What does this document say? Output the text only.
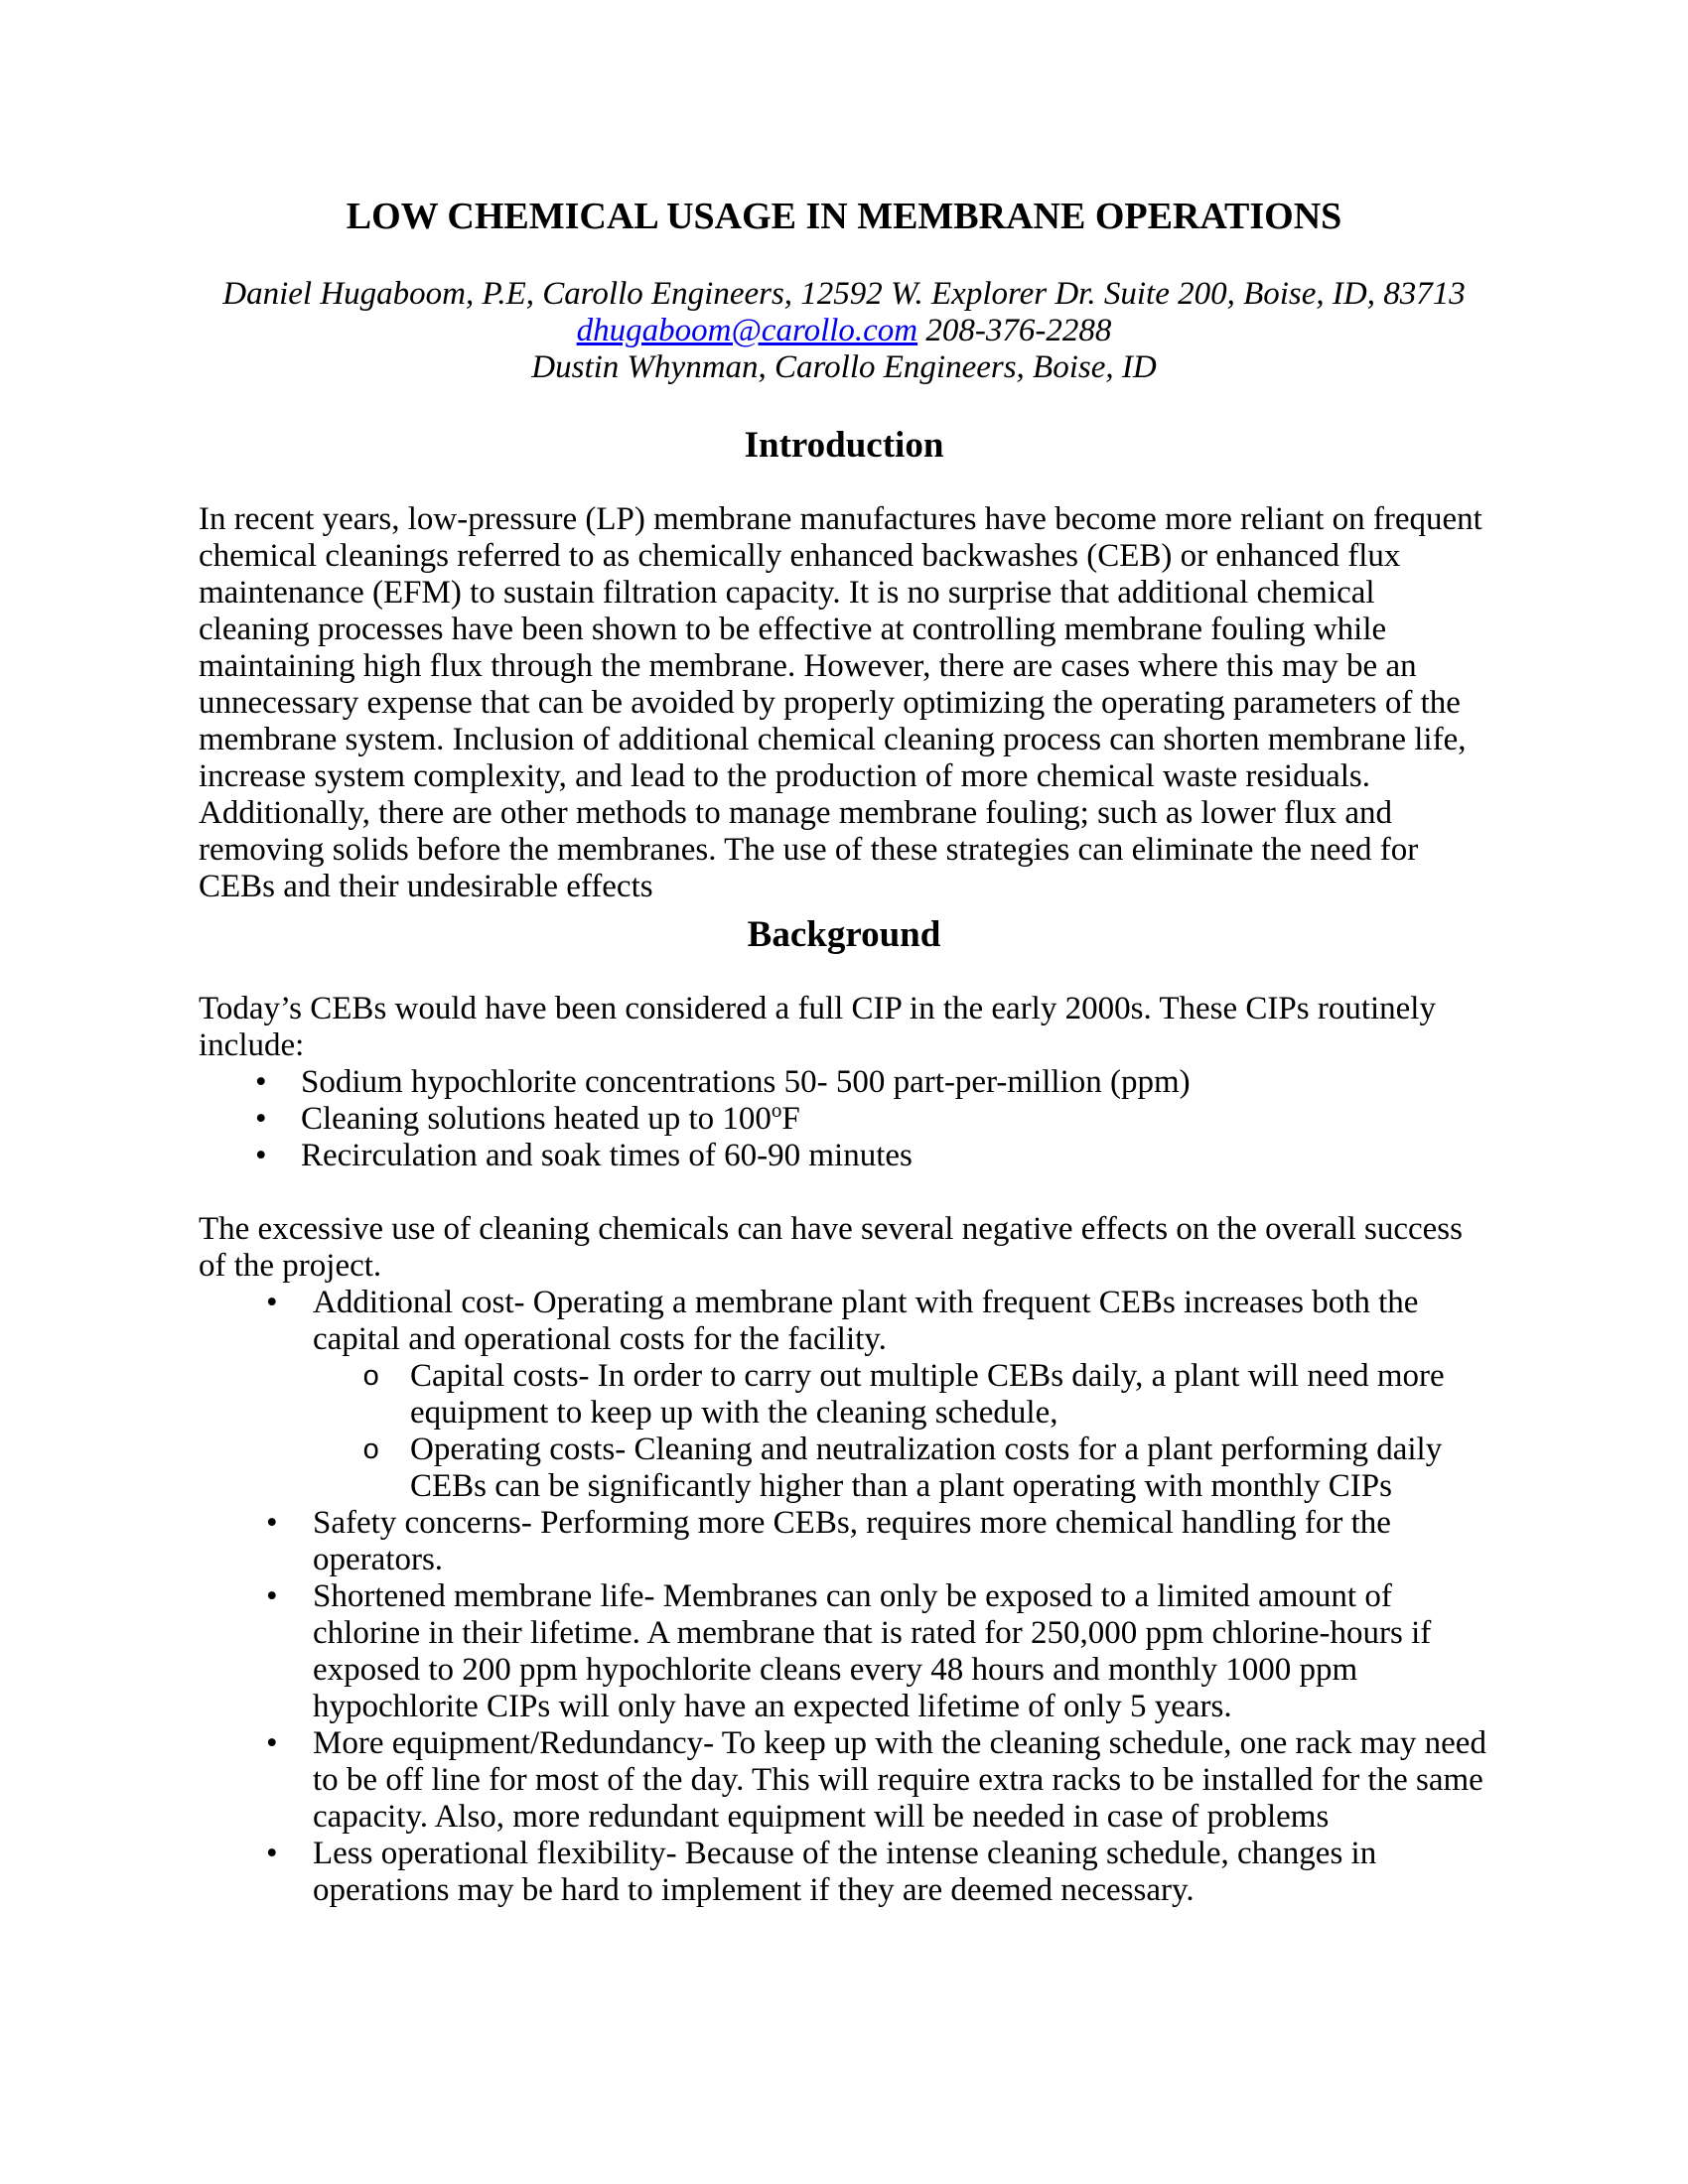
LOW CHEMICAL USAGE IN MEMBRANE OPERATIONS

Daniel Hugaboom, P.E, Carollo Engineers, 12592 W. Explorer Dr. Suite 200, Boise, ID, 83713

dhugaboom@carollo.com 208-376-2288

Dustin Whynman, Carollo Engineers, Boise, ID

Introduction

In recent years, low-pressure (LP) membrane manufactures have become more reliant on frequent chemical cleanings referred to as chemically enhanced backwashes (CEB) or enhanced flux maintenance (EFM) to sustain filtration capacity. It is no surprise that additional chemical cleaning processes have been shown to be effective at controlling membrane fouling while maintaining high flux through the membrane. However, there are cases where this may be an unnecessary expense that can be avoided by properly optimizing the operating parameters of the membrane system. Inclusion of additional chemical cleaning process can shorten membrane life, increase system complexity, and lead to the production of more chemical waste residuals. Additionally, there are other methods to manage membrane fouling; such as lower flux and removing solids before the membranes. The use of these strategies can eliminate the need for CEBs and their undesirable effects

Background

Today’s CEBs would have been considered a full CIP in the early 2000s. These CIPs routinely include:

• Sodium hypochlorite concentrations 50- 500 part-per-million (ppm)
• Cleaning solutions heated up to 100$^o$F
• Recirculation and soak times of 60-90 minutes

The excessive use of cleaning chemicals can have several negative effects on the overall success of the project.

• Additional cost- Operating a membrane plant with frequent CEBs increases both the capital and operational costs for the facility.
o Capital costs- In order to carry out multiple CEBs daily, a plant will need more equipment to keep up with the cleaning schedule,
o Operating costs- Cleaning and neutralization costs for a plant performing daily CEBs can be significantly higher than a plant operating with monthly CIPs
• Safety concerns- Performing more CEBs, requires more chemical handling for the operators.
• Shortened membrane life- Membranes can only be exposed to a limited amount of chlorine in their lifetime. A membrane that is rated for 250,000 ppm chlorine-hours if exposed to 200 ppm hypochlorite cleans every 48 hours and monthly 1000 ppm hypochlorite CIPs will only have an expected lifetime of only 5 years.
• More equipment/Redundancy- To keep up with the cleaning schedule, one rack may need to be off line for most of the day. This will require extra racks to be installed for the same capacity. Also, more redundant equipment will be needed in case of problems
• Less operational flexibility- Because of the intense cleaning schedule, changes in operations may be hard to implement if they are deemed necessary.
